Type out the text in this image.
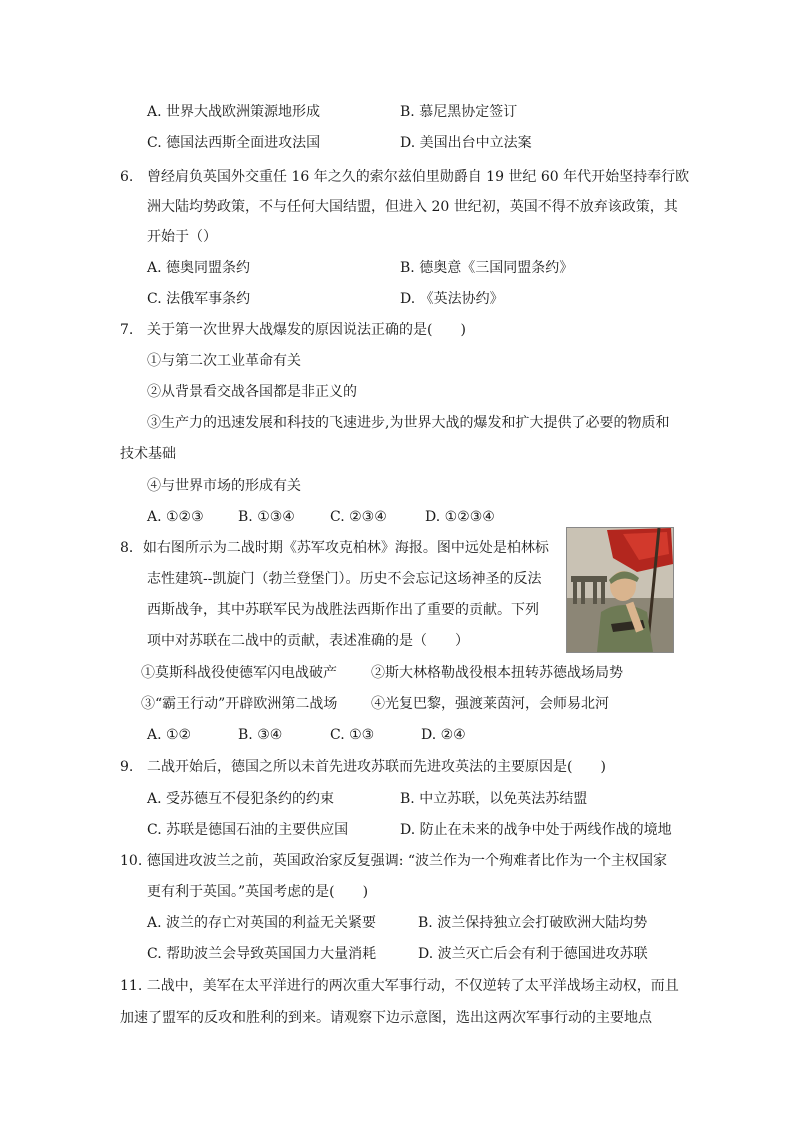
A. 世界大战欧洲策源地形成	B. 慕尼黑协定签订
C. 德国法西斯全面进攻法国	D. 美国出台中立法案
6. 曾经肩负英国外交重任 16 年之久的索尔兹伯里勋爵自 19 世纪 60 年代开始坚持奉行欧
洲大陆均势政策，不与任何大国结盟，但进入 20 世纪初，英国不得不放弃该政策，其
开始于（）
A. 德奥同盟条约	B. 德奥意《三国同盟条约》
C. 法俄军事条约	D. 《英法协约》
7. 关于第一次世界大战爆发的原因说法正确的是(　　)
①与第二次工业革命有关
②从背景看交战各国都是非正义的
③生产力的迅速发展和科技的飞速进步,为世界大战的爆发和扩大提供了必要的物质和
技术基础
④与世界市场的形成有关
A. ①②③ B. ①③④	C. ②③④	D. ①②③④
8．如右图所示为二战时期《苏军攻克柏林》海报。图中远处是柏林标
志性建筑--凯旋门（勃兰登堡门）。历史不会忘记这场神圣的反法
西斯战争，其中苏联军民为战胜法西斯作出了重要的贡献。下列
项中对苏联在二战中的贡献，表述准确的是（　　）
①莫斯科战役使德军闪电战破产 ②斯大林格勒战役根本扭转苏德战场局势
③“霸王行动”开辟欧洲第二战场 ④光复巴黎，强渡莱茵河，会师易北河
A. ①②	B. ③④	C. ①③	D. ②④
9. 二战开始后，德国之所以未首先进攻苏联而先进攻英法的主要原因是(　　)
A. 受苏德互不侵犯条约的约束	B. 中立苏联，以免英法苏结盟
C. 苏联是德国石油的主要供应国	D. 防止在未来的战争中处于两线作战的境地
10. 德国进攻波兰之前，英国政治家反复强调: “波兰作为一个殉难者比作为一个主权国家
更有利于英国。”英国考虑的是(　　)
A. 波兰的存亡对英国的利益无关紧要	B. 波兰保持独立会打破欧洲大陆均势
C. 帮助波兰会导致英国国力大量消耗	D. 波兰灭亡后会有利于德国进攻苏联
11. 二战中，美军在太平洋进行的两次重大军事行动，不仅逆转了太平洋战场主动权，而且
加速了盟军的反攻和胜利的到来。请观察下边示意图，选出这两次军事行动的主要地点
